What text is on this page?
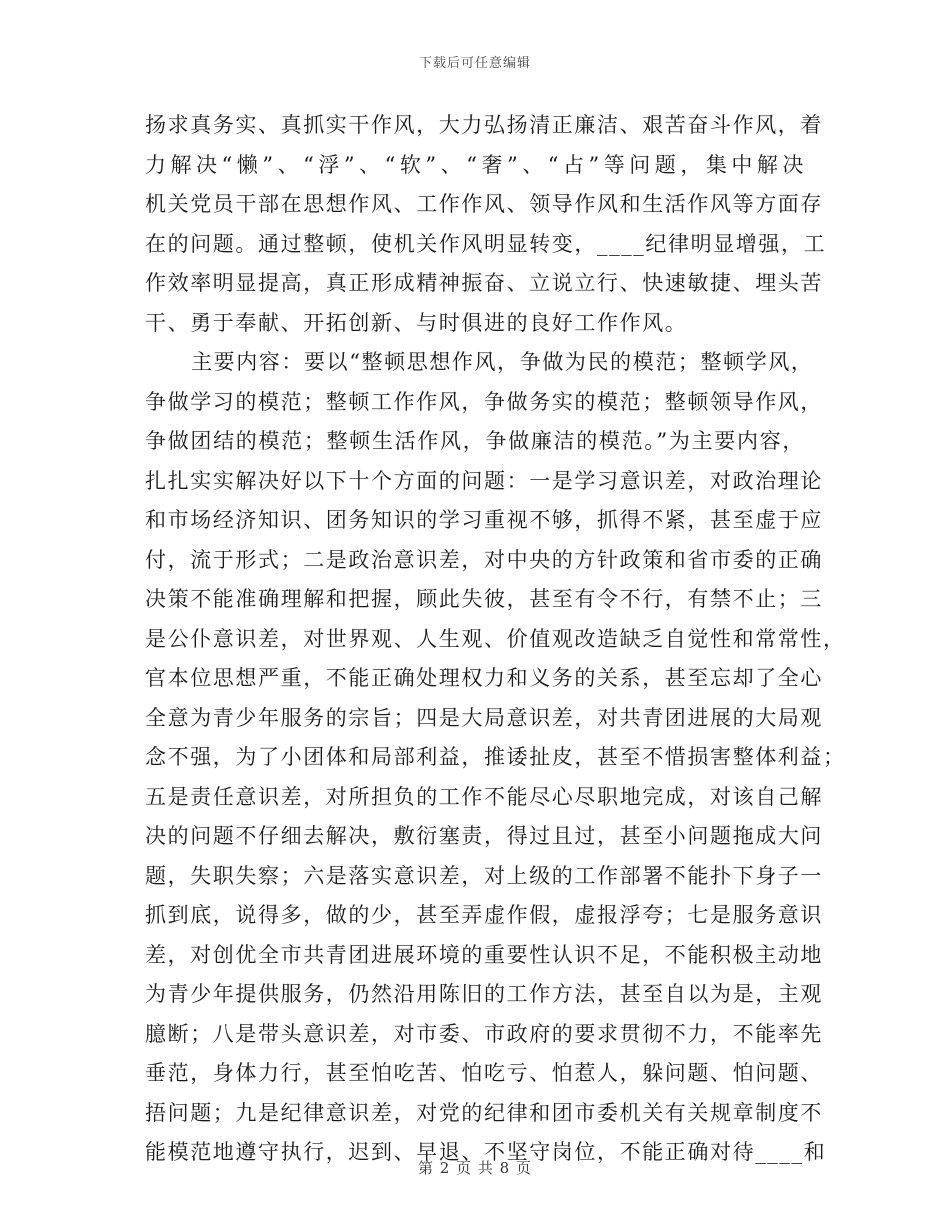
下载后可任意编辑
扬求真务实、真抓实干作风，大力弘扬清正廉洁、艰苦奋斗作风，着
力解决“懒”、“浮”、“软”、“奢”、“占”等问题，集中解决
机关党员干部在思想作风、工作作风、领导作风和生活作风等方面存
在的问题。通过整顿，使机关作风明显转变，____纪律明显增强，工
作效率明显提高，真正形成精神振奋、立说立行、快速敏捷、埋头苦
干、勇于奉献、开拓创新、与时俱进的良好工作作风。
主要内容：要以“整顿思想作风，争做为民的模范；整顿学风，
争做学习的模范；整顿工作作风，争做务实的模范；整顿领导作风，
争做团结的模范；整顿生活作风，争做廉洁的模范。”为主要内容，
扎扎实实解决好以下十个方面的问题：一是学习意识差，对政治理论
和市场经济知识、团务知识的学习重视不够，抓得不紧，甚至虚于应
付，流于形式；二是政治意识差，对中央的方针政策和省市委的正确
决策不能准确理解和把握，顾此失彼，甚至有令不行，有禁不止；三
是公仆意识差，对世界观、人生观、价值观改造缺乏自觉性和常常性，
官本位思想严重，不能正确处理权力和义务的关系，甚至忘却了全心
全意为青少年服务的宗旨；四是大局意识差，对共青团进展的大局观
念不强，为了小团体和局部利益，推诿扯皮，甚至不惜损害整体利益；
五是责任意识差，对所担负的工作不能尽心尽职地完成，对该自己解
决的问题不仔细去解决，敷衍塞责，得过且过，甚至小问题拖成大问
题，失职失察；六是落实意识差，对上级的工作部署不能扑下身子一
抓到底，说得多，做的少，甚至弄虚作假，虚报浮夸；七是服务意识
差，对创优全市共青团进展环境的重要性认识不足，不能积极主动地
为青少年提供服务，仍然沿用陈旧的工作方法，甚至自以为是，主观
臆断；八是带头意识差，对市委、市政府的要求贯彻不力，不能率先
垂范，身体力行，甚至怕吃苦、怕吃亏、怕惹人，躲问题、怕问题、
捂问题；九是纪律意识差，对党的纪律和团市委机关有关规章制度不
能模范地遵守执行，迟到、早退、不坚守岗位，不能正确对待____和
第 2 页 共 8 页
